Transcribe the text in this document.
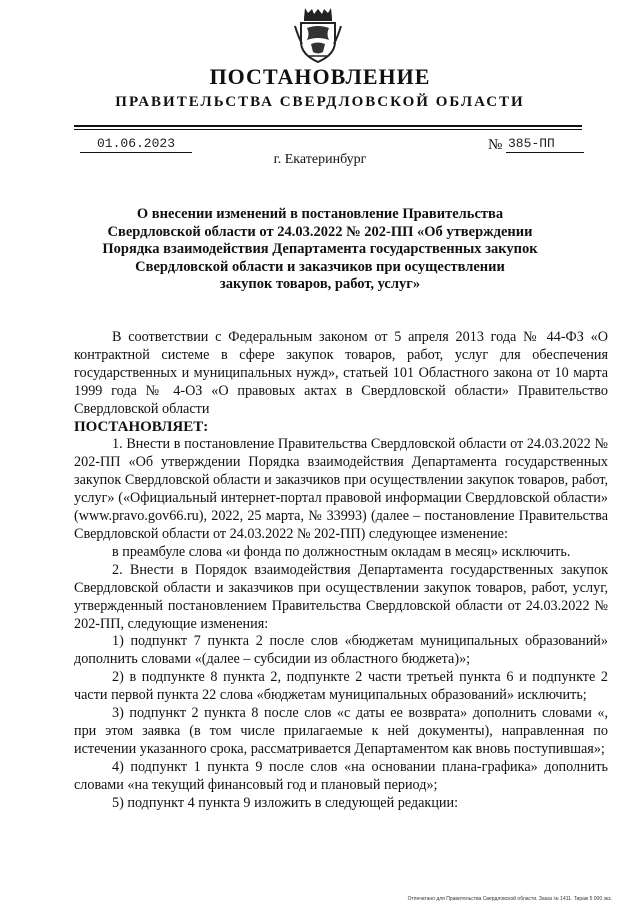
ПОСТАНОВЛЕНИЕ
ПРАВИТЕЛЬСТВА СВЕРДЛОВСКОЙ ОБЛАСТИ
01.06.2023	№ 385-ПП
г. Екатеринбург
О внесении изменений в постановление Правительства
Свердловской области от 24.03.2022 № 202-ПП «Об утверждении
Порядка взаимодействия Департамента государственных закупок
Свердловской области и заказчиков при осуществлении
закупок товаров, работ, услуг»

В соответствии с Федеральным законом от 5 апреля 2013 года № 44-ФЗ «О контрактной системе в сфере закупок товаров, работ, услуг для обеспечения государственных и муниципальных нужд», статьей 101 Областного закона от 10 марта 1999 года № 4-ОЗ «О правовых актах в Свердловской области» Правительство Свердловской области

ПОСТАНОВЛЯЕТ:

1. Внести в постановление Правительства Свердловской области от 24.03.2022 № 202-ПП «Об утверждении Порядка взаимодействия Департамента государственных закупок Свердловской области и заказчиков при осуществлении закупок товаров, работ, услуг» («Официальный интернет-портал правовой информации Свердловской области» (www.pravo.gov66.ru), 2022, 25 марта, № 33993) (далее – постановление Правительства Свердловской области от 24.03.2022 № 202-ПП) следующее изменение:

в преамбуле слова «и фонда по должностным окладам в месяц» исключить.

2. Внести в Порядок взаимодействия Департамента государственных закупок Свердловской области и заказчиков при осуществлении закупок товаров, работ, услуг, утвержденный постановлением Правительства Свердловской области от 24.03.2022 № 202-ПП, следующие изменения:

1) подпункт 7 пункта 2 после слов «бюджетам муниципальных образований» дополнить словами «(далее – субсидии из областного бюджета)»;

2) в подпункте 8 пункта 2, подпункте 2 части третьей пункта 6 и подпункте 2 части первой пункта 22 слова «бюджетам муниципальных образований» исключить;

3) подпункт 2 пункта 8 после слов «с даты ее возврата» дополнить словами «, при этом заявка (в том числе прилагаемые к ней документы), направленная по истечении указанного срока, рассматривается Департаментом как вновь поступившая»;

4) подпункт 1 пункта 9 после слов «на основании плана-графика» дополнить словами «на текущий финансовый год и плановый период»;

5) подпункт 4 пункта 9 изложить в следующей редакции:

Отпечатано для Правительства Свердловской области. Заказ № 1411. Тираж 5 000 экз.
